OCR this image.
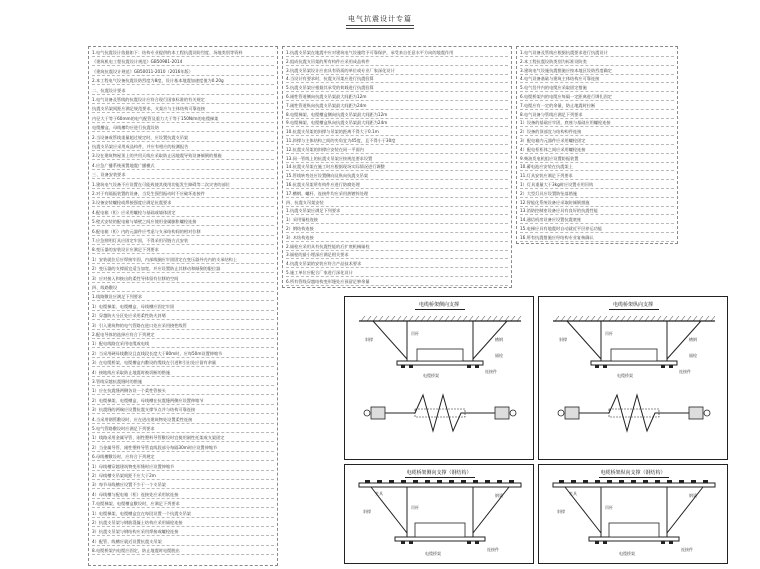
电气抗震设计专篇
1.电气抗震设计依据如下：结构专业提供的本工程抗震设防烈度、场地类别等资料
《建筑机电工程抗震设计规范》GB50981-2014
《建筑抗震设计规范》GB50011-2010（2016年版）
2.本工程电气设备抗震设防烈度为8度，设计基本地震加速度值为0.20g
二、抗震设计要求
1.电气设备及管线的抗震设计应符合现行国家标准的有关规定
抗震支吊架间距应满足规范要求，支架应与主体结构可靠连接
内径大于等于60mm的电气配管及重力大于等于150N/m的电缆梯架
电缆槽盒、母线槽均应进行抗震设防
2.当设备或管线重量超过规定时，应设置抗震支吊架
抗震支吊架应采用成品构件，并应有相应的检测报告
3.设在建筑物屋顶上的共用天线应采取防止因地震导致设备倾倒的措施
4.应急广播系统预置地震广播模式
三、设备安装要求
1.建筑电气设备不应设置在可能致使其使用功能发生障碍等二次灾害的部位
2.对于有隔振装置的设备，当发生强烈振动时不应破坏连接件
3.设备安装螺栓或焊接强度应满足抗震要求
4.配电箱（柜）应采用螺栓与基础或墙体固定
5.壁式安装的配电箱与墙壁之间应使用金属膨胀螺栓连接
6.配电箱（柜）内的元器件应考虑与支承结构间的相对位移
7.应急照明灯具应固定牢固，不得采用吊链方式安装
8.变压器的安装设计应满足下列要求
1）安装就位后应焊接牢固，内部线圈应牢固固定在变压器外壳内的支承结构上
2）变压器的支撑面宜适当加宽，并应设置防止其移动和倾倒的限位器
3）应对接入和接出的柔性导体留有位移的空间
四、线路敷设
1.线路敷设应满足下列要求
1）电缆梯架、电缆槽盒、母线槽应固定牢固
2）穿越防火分区处应采用柔性防火封堵
3）引入建筑物的电气管路在进口处应采用挠性线管
2.配电导体的选择应符合下列规定
1）配电线路宜采用电缆或电线
2）当采用硬母线敷设且直线段长度大于80m时，应每50m设置伸缩节
3）在电缆桥架、电缆槽盒内敷设的缆线在引进和引出处应留有余量
4）接地线应采取防止地震时被切断的措施
3.管线穿越抗震缝时的措施
1）应在抗震缝两侧各设一个柔性管接头
2）电缆梯架、电缆槽盒、母线槽在抗震缝两侧应设置伸缩节
3）抗震缝的两端应设置抗震支撑节点并与结构可靠连接
4.当采用钢管敷设时，应在进出建筑物处设置柔性连接
5.电气管路敷设时应满足下列要求
1）线路采用金属导管、刚性塑料导管敷设时宜使用刚性托架或支架固定
2）当金属导管、刚性塑料导管直线段部分每隔30m时应设置伸缩节
6.母线槽敷设时，应符合下列规定
1）母线槽穿越建筑物变形缝时应设置伸缩节
2）母线槽支吊架间距不应大于2m
3）每节母线槽应设置不少于一个支吊架
4）母线槽与配电箱（柜）连接处应采用软连接
7.电缆梯架、电缆槽盒敷设时，应满足下列要求
1）电缆梯架、电缆槽盒宜在每段设置一个抗震支吊架
2）抗震支吊架与钢筋混凝土结构应采用锚栓连接
3）抗震支吊架与钢结构应采用焊接或螺栓连接
4）配管、线槽应就近设置抗震支吊架
8.电缆桥架内电缆应固定，防止地震时电缆脱出
1.抗震支吊架在地震中应对建筑电气设施给予可靠保护，承受来自任意水平方向的地震作用
2.组成抗震支吊架的所有构件应采用成品构件
3.抗震支吊架设计应由具有资质的单位或专业厂家深化设计
4.当设计有要求时，抗震支吊架应进行抗震验算
5.抗震支吊架应根据其承受的荷载进行抗震验算
6.刚性管道侧向抗震支吊架最大间距为12m
7.刚性管道纵向抗震支吊架最大间距为24m
8.电缆梯架、电缆槽盒侧向抗震支吊架最大间距为12m
9.电缆梯架、电缆槽盒纵向抗震支吊架最大间距为24m
10.抗震支吊架的斜撑与吊架的距离不得大于0.1m
11.斜撑与主体结构之间的夹角宜为45度，且不得小于30度
12.抗震支吊架的斜撑应安装在同一平面内
13.同一管线上的抗震支吊架应按规范要求设置
14.抗震支吊架在施工时应根据现场实际情况进行调整
15.管线转弯处应设置侧向及纵向抗震支吊架
16.抗震支吊架所有构件应进行防腐处理
17.槽钢、螺杆、连接件均应采用热镀锌处理
四、抗震支吊架安装
1.抗震支吊架应满足下列要求
1）采用锚栓连接
2）钢结构连接
3）木结构连接
2.锚栓应采用具有抗震性能的后扩底机械锚栓
3.锚栓的最小埋深应满足相关要求
4.抗震支吊架的安装应符合产品技术要求
5.施工单位应配合厂家进行深化设计
6.所有管线穿越结构变形缝处应预留足够余量
1.电气设备及管线应根据抗震要求进行抗震设计
2.本工程抗震设防类别为标准设防类
3.建筑电气设施抗震措施应按本地区设防烈度确定
4.电气设备基础与建筑主体结构应可靠连接
5.电气竖井内的电缆应采取固定措施
6.电缆桥架内的电缆应每隔一定距离进行绑扎固定
7.电缆应有一定的余量，防止地震时拉断
8.电气设备与管线应满足下列要求
1）设备的基础应牢固，底座与基础应用螺栓连接
2）设备的顶部宜与结构构件连接
3）配电箱内元器件应采用螺栓固定
4）配电柜柜体之间应采用螺栓连接
9.柴油发电机组应设置防振装置
10.蓄电池应安装在抗震架上
11.灯具安装应满足下列要求
1）灯具重量大于3kg时应设置专用吊钩
2）大型灯具应设置防坠落措施
12.智能化系统设备应采取防倾倒措施
13.消防控制室设备应具有良好的抗震性能
14.通信机房设备应设置抗震底座
15.电梯应具有地震时自动就近平层停运功能
16.所有抗震措施应经结构专业复核确认
电缆桥架侧向支撑
槽钢
斜撑
锚栓
电缆桥架
连接件
吊杆
电缆桥架纵向支撑
槽钢
斜撑
锚栓
电缆桥架
连接件
吊杆
电缆桥架侧向支撑（钢结构）
钢梁
斜撑
夹具
电缆桥架
连接件
吊杆
电缆桥架纵向支撑（钢结构）
钢梁
斜撑
夹具
电缆桥架
连接件
吊杆
